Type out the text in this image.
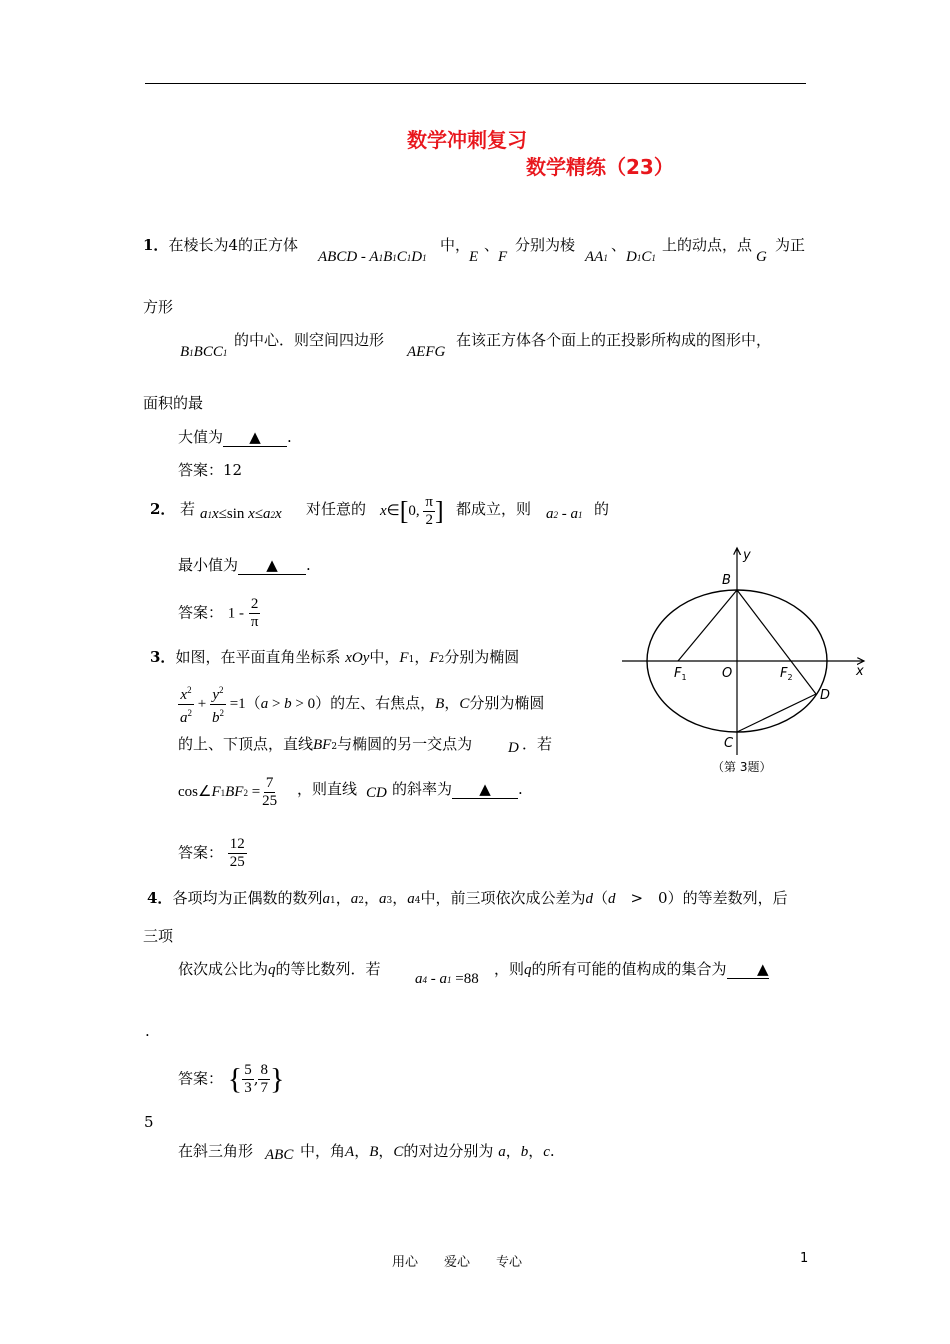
数学冲刺复习
数学精练（23）
1．在棱长为4的正方体
ABCD - A1B1C1D1
中，
E
、
F
分别为棱
AA1
、
D1C1
上的动点，点
G
为正
方形
B1BCC1
的中心．则空间四边形
AEFG
在该正方体各个面上的正投影所构成的图形中，
面积的最
大值为 ▲ .
答案：12
2． 若 a1x≤sin x≤a2x 对任意的 x∈[0, $\frac{\pi}{2}$ ] 都成立，则 a2 - a1 的
最小值为 ▲ .
答案： $1 - \frac{2}{\pi}$
3．如图，在平面直角坐标系 xOy中，F1，F2分别为椭圆
$\frac{x^2}{a^2} + \frac{y^2}{b^2} =1(a > b > 0)$的左、右焦点，B，C分别为椭圆
的上、下顶点，直线BF2与椭圆的另一交点为 D ．若
cos∠F1BF2 = $\frac{7}{25}$ ，则直线 CD 的斜率为 ▲ .
答案： $\frac{12}{25}$
y
x
B
O
$F_1$	$F_2$
D
C
（第 3题）
4．各项均为正偶数的数列a1，a2，a3，a4中，前三项依次成公差为d（d　>　0）的等差数列，后
三项
依次成公比为q的等比数列．若
a4 - a1 =88
，则q的所有可能的值构成的集合为 ▲
.
答案： { $\frac{5}{3}$ , $\frac{8}{7}$ }
5
在斜三角形 ABC 中，角A，B，C的对边分别为 a，b，c.
用心　　爱心　　专心	1
